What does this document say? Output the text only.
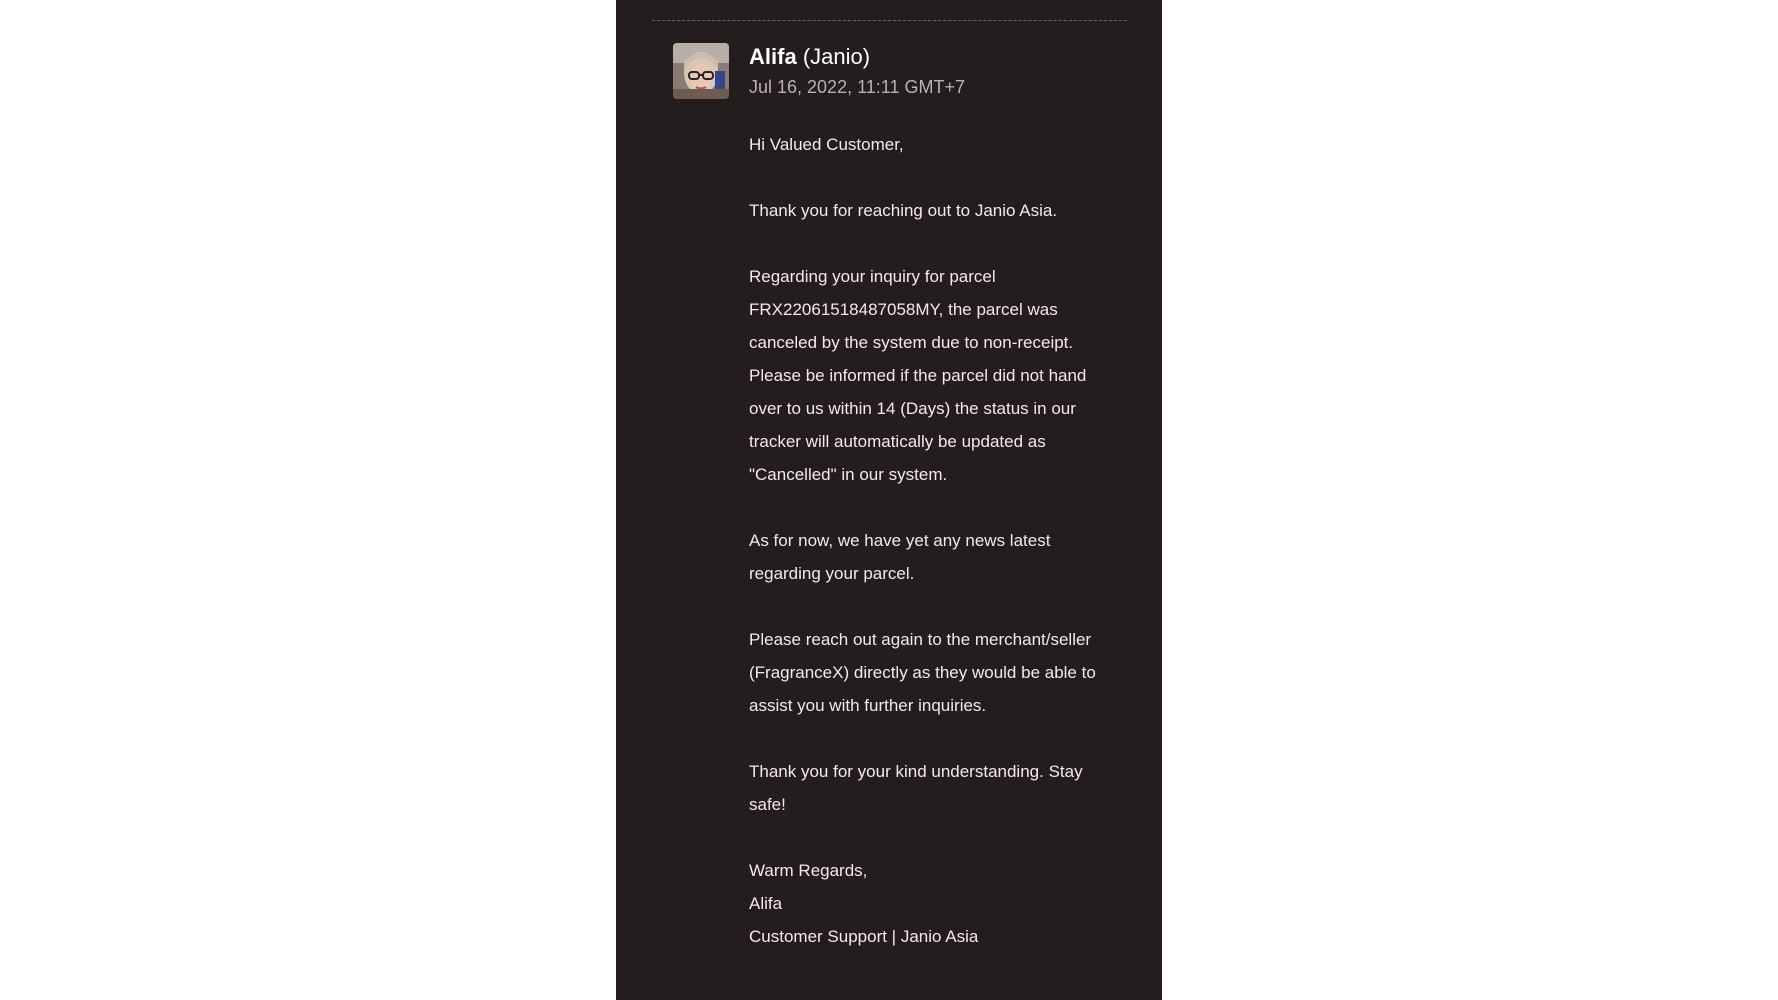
Alifa (Janio)
Jul 16, 2022, 11:11 GMT+7

Hi Valued Customer,

Thank you for reaching out to Janio Asia.

Regarding your inquiry for parcel FRX22061518487058MY, the parcel was canceled by the system due to non-receipt. Please be informed if the parcel did not hand over to us within 14 (Days) the status in our tracker will automatically be updated as "Cancelled" in our system.

As for now, we have yet any news latest regarding your parcel.

Please reach out again to the merchant/seller (FragranceX) directly as they would be able to assist you with further inquiries.

Thank you for your kind understanding. Stay safe!

Warm Regards,

Alifa

Customer Support | Janio Asia
